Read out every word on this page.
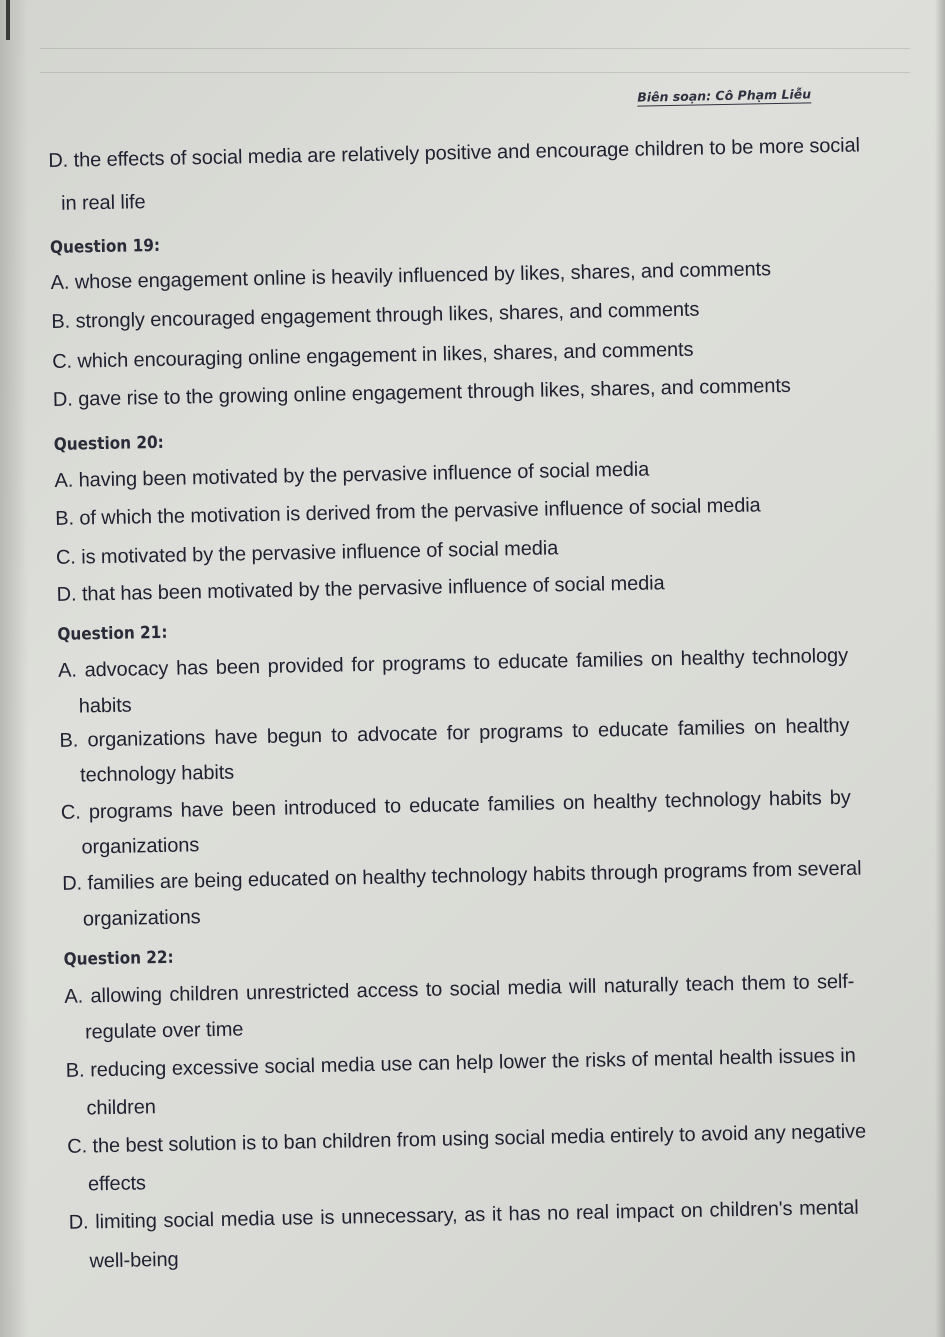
Biên soạn: Cô Phạm Liễu
D. the effects of social media are relatively positive and encourage children to be more social
in real life
Question 19:
A. whose engagement online is heavily influenced by likes, shares, and comments
B. strongly encouraged engagement through likes, shares, and comments
C. which encouraging online engagement in likes, shares, and comments
D. gave rise to the growing online engagement through likes, shares, and comments
Question 20:
A. having been motivated by the pervasive influence of social media
B. of which the motivation is derived from the pervasive influence of social media
C. is motivated by the pervasive influence of social media
D. that has been motivated by the pervasive influence of social media
Question 21:
A. advocacy has been provided for programs to educate families on healthy technology
habits
B. organizations have begun to advocate for programs to educate families on healthy
technology habits
C. programs have been introduced to educate families on healthy technology habits by
organizations
D. families are being educated on healthy technology habits through programs from several
organizations
Question 22:
A. allowing children unrestricted access to social media will naturally teach them to self-
regulate over time
B. reducing excessive social media use can help lower the risks of mental health issues in
children
C. the best solution is to ban children from using social media entirely to avoid any negative
effects
D. limiting social media use is unnecessary, as it has no real impact on children's mental
well-being
